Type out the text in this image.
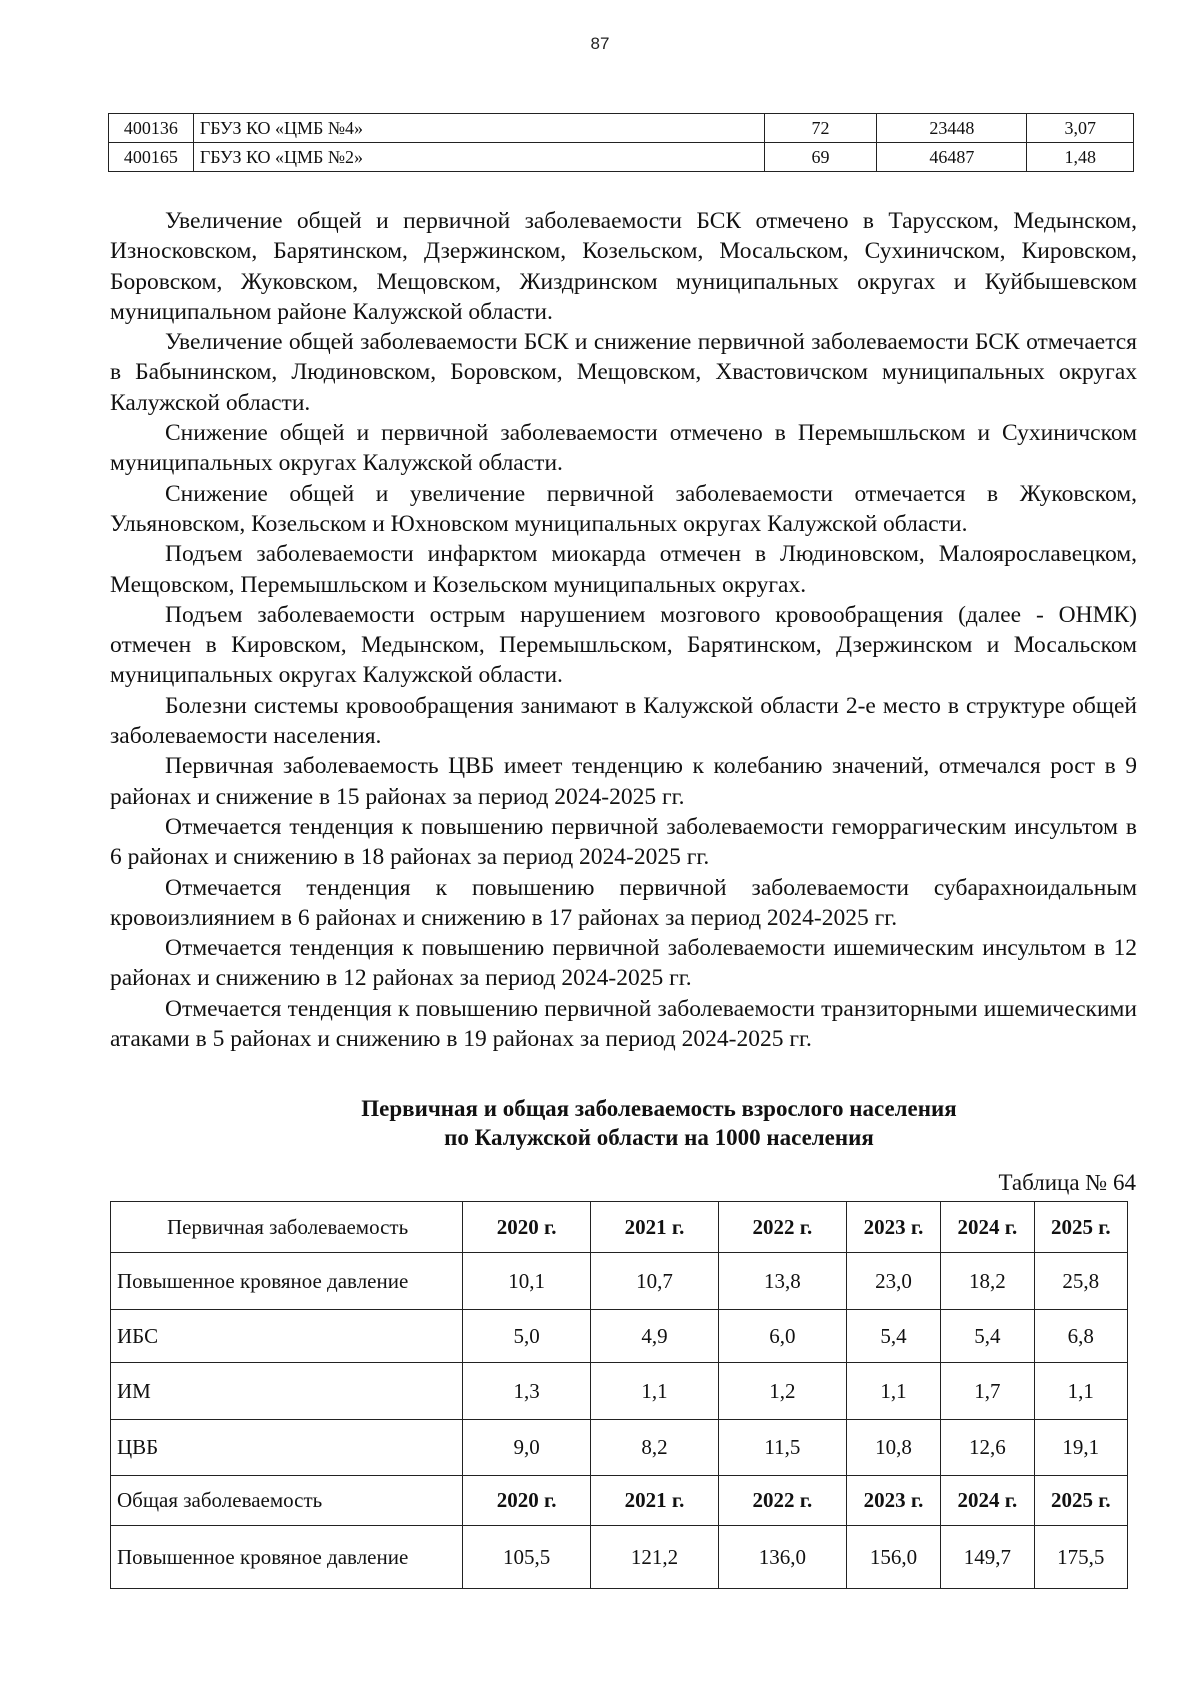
87
400136	ГБУЗ КО «ЦМБ №4»	72	23448	3,07
400165	ГБУЗ КО «ЦМБ №2»	69	46487	1,48

Увеличение общей и первичной заболеваемости БСК отмечено в Тарусском, Медынском, Износковском, Барятинском, Дзержинском, Козельском, Мосальском, Сухиничском, Кировском, Боровском, Жуковском, Мещовском, Жиздринском муниципальных округах и Куйбышевском муниципальном районе Калужской области.

Увеличение общей заболеваемости БСК и снижение первичной заболеваемости БСК отмечается в Бабынинском, Людиновском, Боровском, Мещовском, Хвастовичском муниципальных округах Калужской области.

Снижение общей и первичной заболеваемости отмечено в Перемышльском и Сухиничском муниципальных округах Калужской области.

Снижение общей и увеличение первичной заболеваемости отмечается в Жуковском, Ульяновском, Козельском и Юхновском муниципальных округах Калужской области.

Подъем заболеваемости инфарктом миокарда отмечен в Людиновском, Малоярославецком, Мещовском, Перемышльском и Козельском муниципальных округах.

Подъем заболеваемости острым нарушением мозгового кровообращения (далее - ОНМК) отмечен в Кировском, Медынском, Перемышльском, Барятинском, Дзержинском и Мосальском муниципальных округах Калужской области.

Болезни системы кровообращения занимают в Калужской области 2-е место в структуре общей заболеваемости населения.

Первичная заболеваемость ЦВБ имеет тенденцию к колебанию значений, отмечался рост в 9 районах и снижение в 15 районах за период 2024-2025 гг.

Отмечается тенденция к повышению первичной заболеваемости геморрагическим инсультом в 6 районах и снижению в 18 районах за период 2024-2025 гг.

Отмечается тенденция к повышению первичной заболеваемости субарахноидальным кровоизлиянием в 6 районах и снижению в 17 районах за период 2024-2025 гг.

Отмечается тенденция к повышению первичной заболеваемости ишемическим инсультом в 12 районах и снижению в 12 районах за период 2024-2025 гг.

Отмечается тенденция к повышению первичной заболеваемости транзиторными ишемическими атаками в 5 районах и снижению в 19 районах за период 2024-2025 гг.

Первичная и общая заболеваемость взрослого населения
по Калужской области на 1000 населения
Таблица № 64
Первичная заболеваемость	2020 г.	2021 г.	2022 г.	2023 г.	2024 г.	2025 г.
Повышенное кровяное давление	10,1	10,7	13,8	23,0	18,2	25,8
ИБС	5,0	4,9	6,0	5,4	5,4	6,8
ИМ	1,3	1,1	1,2	1,1	1,7	1,1
ЦВБ	9,0	8,2	11,5	10,8	12,6	19,1
Общая заболеваемость	2020 г.	2021 г.	2022 г.	2023 г.	2024 г.	2025 г.
Повышенное кровяное давление	105,5	121,2	136,0	156,0	149,7	175,5
